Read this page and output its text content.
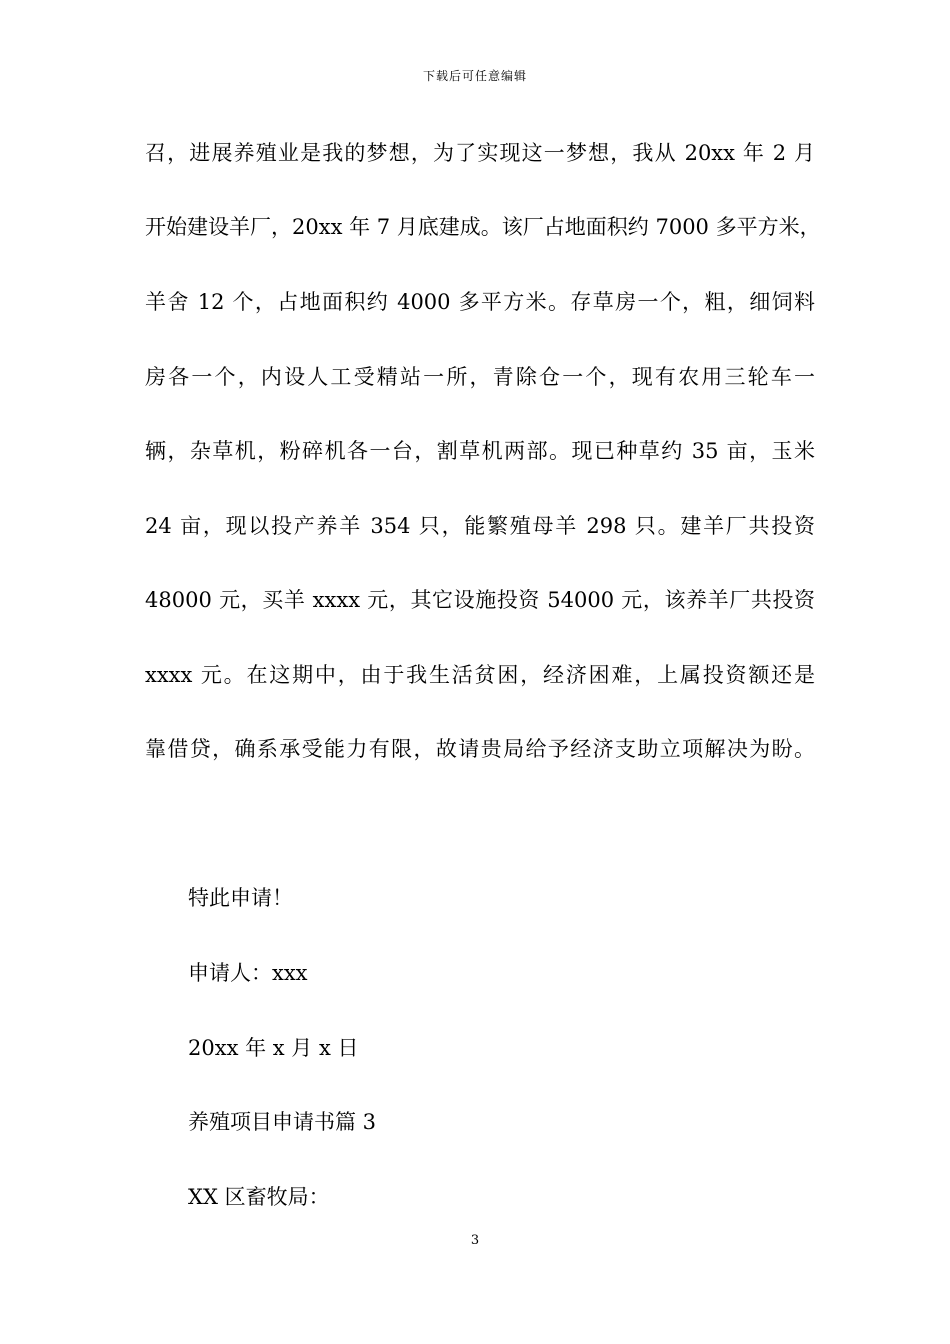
下载后可任意编辑
召，进展养殖业是我的梦想，为了实现这一梦想，我从 20xx 年 2 月
开始建设羊厂，20xx 年 7 月底建成。该厂占地面积约 7000 多平方米，
羊舍 12 个，占地面积约 4000 多平方米。存草房一个，粗，细饲料
房各一个，内设人工受精站一所，青除仓一个，现有农用三轮车一
辆，杂草机，粉碎机各一台，割草机两部。现已种草约 35 亩，玉米
24 亩，现以投产养羊 354 只，能繁殖母羊 298 只。建羊厂共投资
48000 元，买羊 xxxx 元，其它设施投资 54000 元，该养羊厂共投资
xxxx 元。在这期中，由于我生活贫困，经济困难，上属投资额还是
靠借贷，确系承受能力有限，故请贵局给予经济支助立项解决为盼。
特此申请！
申请人：xxx
20xx 年 x 月 x 日
养殖项目申请书篇 3
XX 区畜牧局：
3
